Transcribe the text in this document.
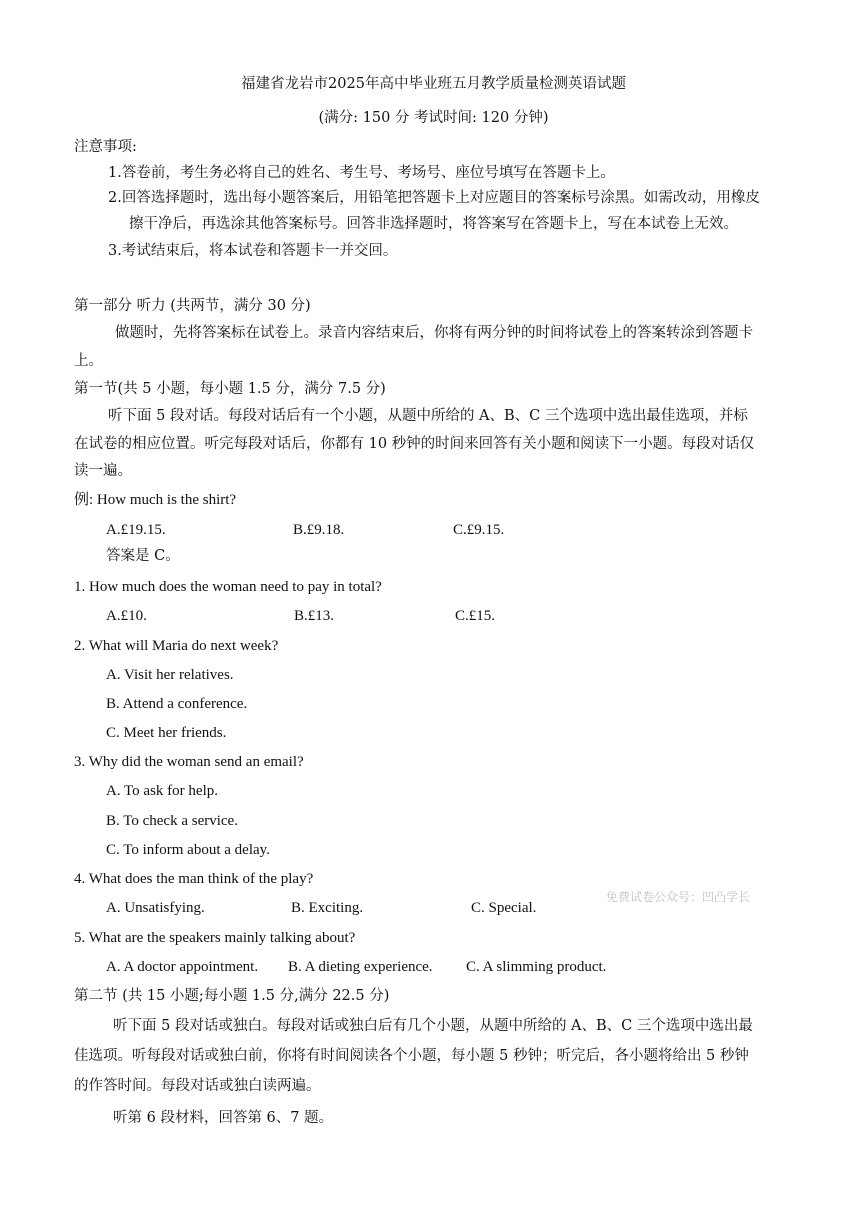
福建省龙岩市2025年高中毕业班五月教学质量检测英语试题
(满分: 150 分 考试时间: 120 分钟)
注意事项:
1.答卷前，考生务必将自己的姓名、考生号、考场号、座位号填写在答题卡上。
2.回答选择题时，选出每小题答案后，用铅笔把答题卡上对应题目的答案标号涂黑。如需改动，用橡皮
擦干净后，再选涂其他答案标号。回答非选择题时，将答案写在答题卡上，写在本试卷上无效。
3.考试结束后，将本试卷和答题卡一并交回。
第一部分 听力 (共两节，满分 30 分)
做题时，先将答案标在试卷上。录音内容结束后，你将有两分钟的时间将试卷上的答案转涂到答题卡
上。
第一节(共 5 小题，每小题 1.5 分，满分 7.5 分)
听下面 5 段对话。每段对话后有一个小题，从题中所给的 A、B、C 三个选项中选出最佳选项，并标
在试卷的相应位置。听完每段对话后，你都有 10 秒钟的时间来回答有关小题和阅读下一小题。每段对话仅
读一遍。
例: How much is the shirt?
A.£19.15.	B.£9.18.	C.£9.15.
答案是 C。
1. How much does the woman need to pay in total?
A.£10.	B.£13.	C.£15.
2. What will Maria do next week?
A. Visit her relatives.
B. Attend a conference.
C. Meet her friends.
3. Why did the woman send an email?
A. To ask for help.
B. To check a service.
C. To inform about a delay.
4. What does the man think of the play?
A. Unsatisfying.	B. Exciting.	C. Special.
5. What are the speakers mainly talking about?
A. A doctor appointment. B. A dieting experience. C. A slimming product.
第二节 (共 15 小题;每小题 1.5 分,满分 22.5 分)
听下面 5 段对话或独白。每段对话或独白后有几个小题，从题中所给的 A、B、C 三个选项中选出最
佳选项。听每段对话或独白前，你将有时间阅读各个小题，每小题 5 秒钟；听完后，各小题将给出 5 秒钟
的作答时间。每段对话或独白读两遍。
听第 6 段材料，回答第 6、7 题。
免费试卷公众号：凹凸学长
